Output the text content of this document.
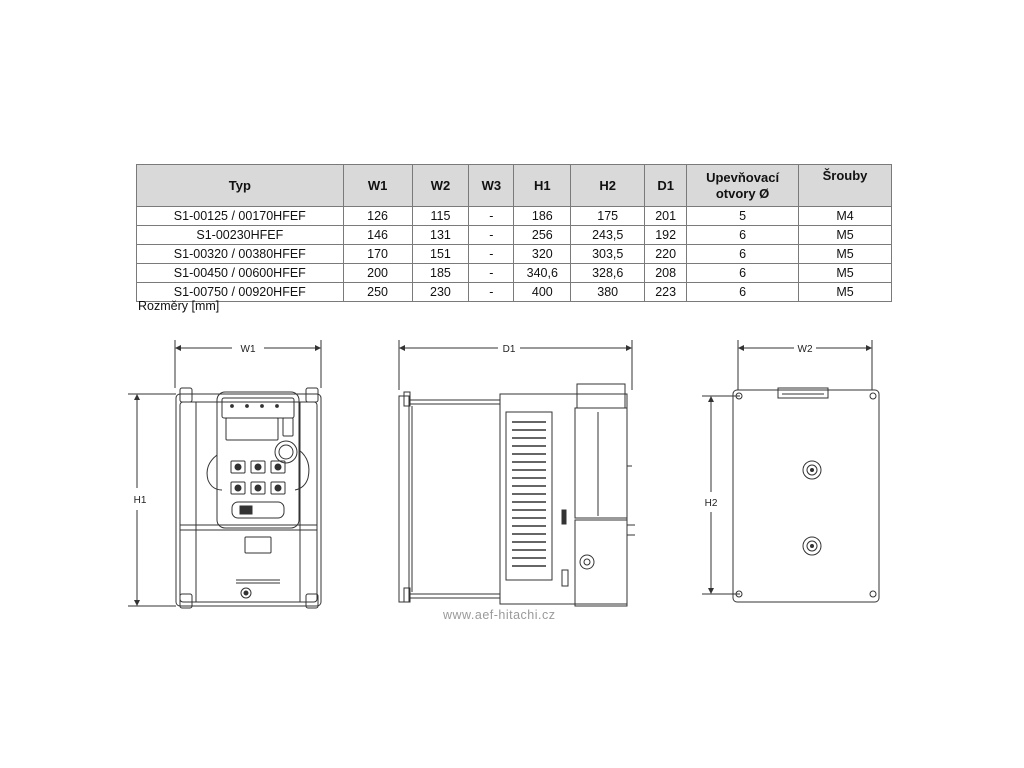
Typ	W1	W2	W3	H1	H2	D1	Upevňovací otvory Ø	Šrouby
S1-00125 / 00170HFEF	126	115	-	186	175	201	5	M4
S1-00230HFEF	146	131	-	256	243,5	192	6	M5
S1-00320 / 00380HFEF	170	151	-	320	303,5	220	6	M5
S1-00450 / 00600HFEF	200	185	-	340,6	328,6	208	6	M5
S1-00750 / 00920HFEF	250	230	-	400	380	223	6	M5
Rozměry [mm]
W1
H1
D1	W2
H2
www.aef-hitachi.cz
